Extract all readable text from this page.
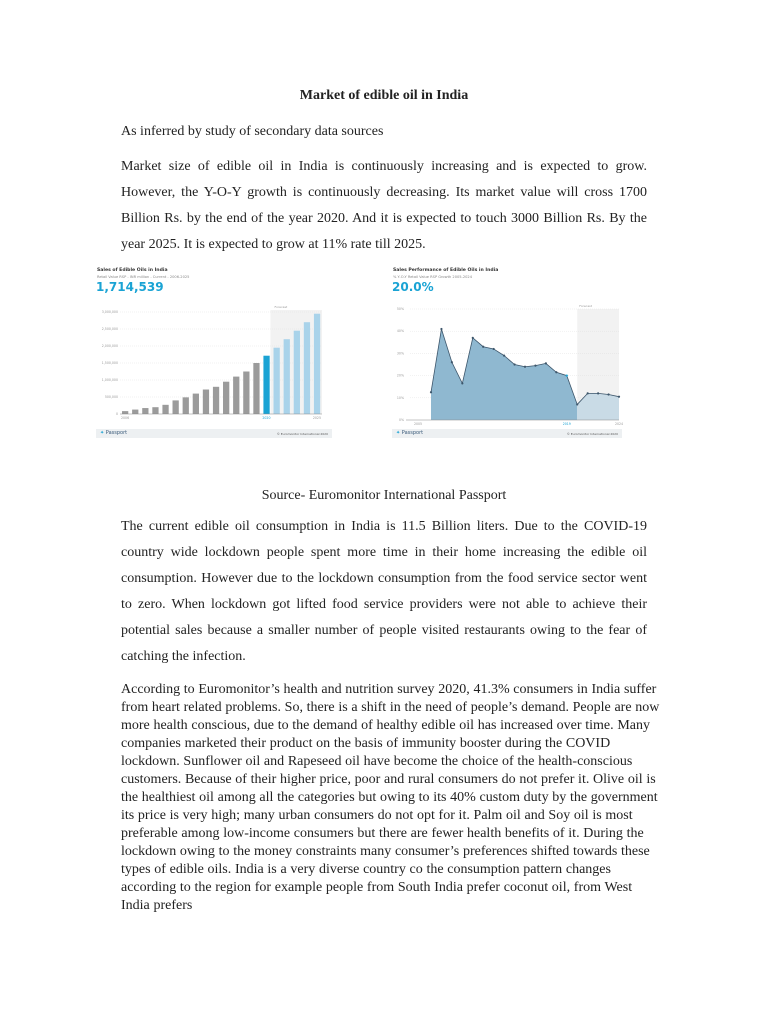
Market of edible oil in India
As inferred by study of secondary data sources

Market size of edible oil in India is continuously increasing and is expected to grow. However, the Y-O-Y growth is continuously decreasing. Its market value will cross 1700 Billion Rs. by the end of the year 2020. And it is expected to touch 3000 Billion Rs. By the year 2025. It is expected to grow at 11% rate till 2025.

Forecast
0
500,000
1,000,000
1,500,000
2,000,000
2,500,000
3,000,000
2006	2020	2025
Sales of Edible Oils in India
Retail Value RSP - INR million - Current - 2006-2025
1,714,539
✦ Passport	© Euromonitor International 2020
Forecast
0%
10%
20%
30%
40%
50%
2005	2019	2024
Sales Performance of Edible Oils in India
% Y-O-Y Retail Value RSP Growth 2005-2024
20.0%
✦ Passport	© Euromonitor International 2020
Source- Euromonitor International Passport

The current edible oil consumption in India is 11.5 Billion liters. Due to the COVID-19 country wide lockdown people spent more time in their home increasing the edible oil consumption. However due to the lockdown consumption from the food service sector went to zero. When lockdown got lifted food service providers were not able to achieve their potential sales because a smaller number of people visited restaurants owing to the fear of catching the infection.

According to Euromonitor’s health and nutrition survey 2020, 41.3% consumers in India suffer from heart related problems. So, there is a shift in the need of people’s demand. People are now more health conscious, due to the demand of healthy edible oil has increased over time. Many companies marketed their product on the basis of immunity booster during the COVID lockdown. Sunflower oil and Rapeseed oil have become the choice of the health-conscious customers. Because of their higher price, poor and rural consumers do not prefer it. Olive oil is the healthiest oil among all the categories but owing to its 40% custom duty by the government its price is very high; many urban consumers do not opt for it. Palm oil and Soy oil is most preferable among low-income consumers but there are fewer health benefits of it. During the lockdown owing to the money constraints many consumer’s preferences shifted towards these types of edible oils. India is a very diverse country co the consumption pattern changes according to the region for example people from South India prefer coconut oil, from West India prefers
